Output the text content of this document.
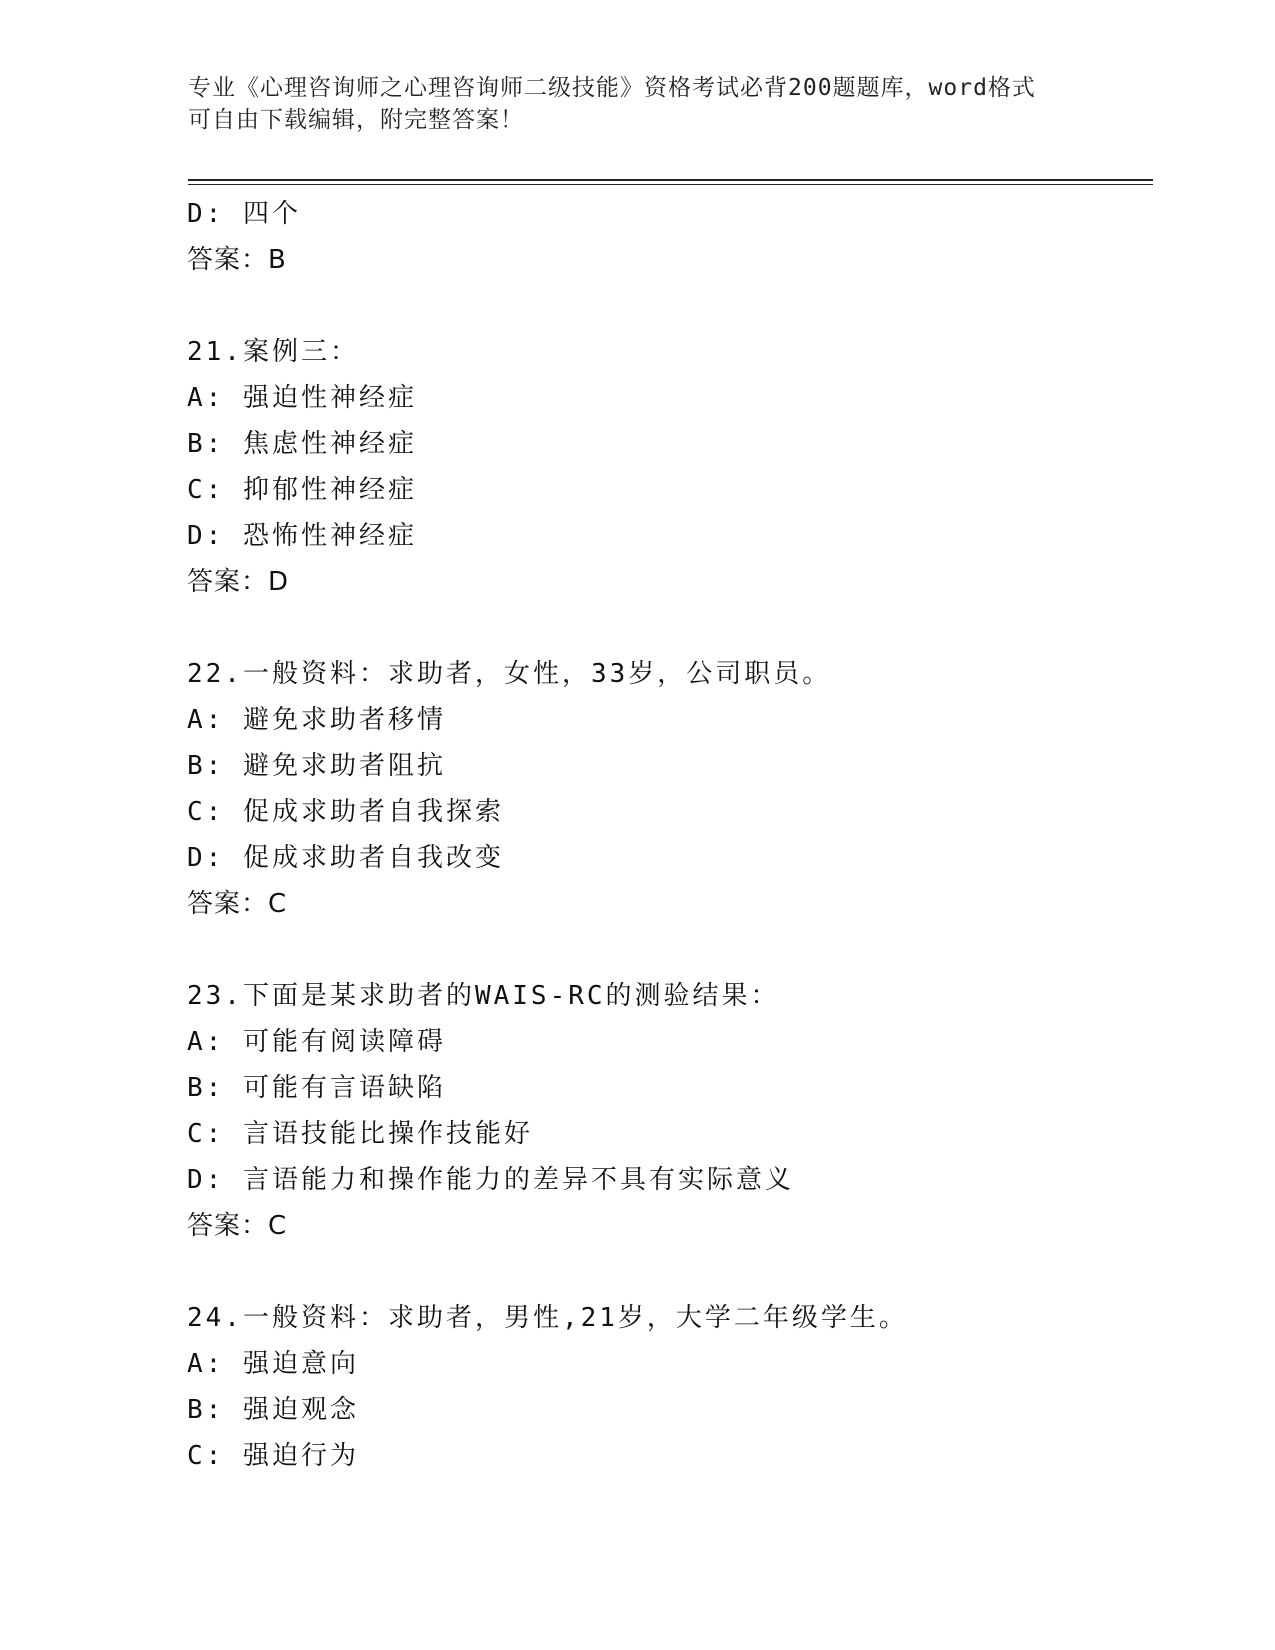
专业《心理咨询师之心理咨询师二级技能》资格考试必背200题题库，word格式
可自由下载编辑，附完整答案！
D: 四个
答案：B
21.案例三：
A: 强迫性神经症
B: 焦虑性神经症
C: 抑郁性神经症
D: 恐怖性神经症
答案：D
22.一般资料：求助者，女性，33岁，公司职员。
A: 避免求助者移情
B: 避免求助者阻抗
C: 促成求助者自我探索
D: 促成求助者自我改变
答案：C
23.下面是某求助者的WAIS-RC的测验结果：
A: 可能有阅读障碍
B: 可能有言语缺陷
C: 言语技能比操作技能好
D: 言语能力和操作能力的差异不具有实际意义
答案：C
24.一般资料：求助者，男性,21岁，大学二年级学生。
A: 强迫意向
B: 强迫观念
C: 强迫行为
